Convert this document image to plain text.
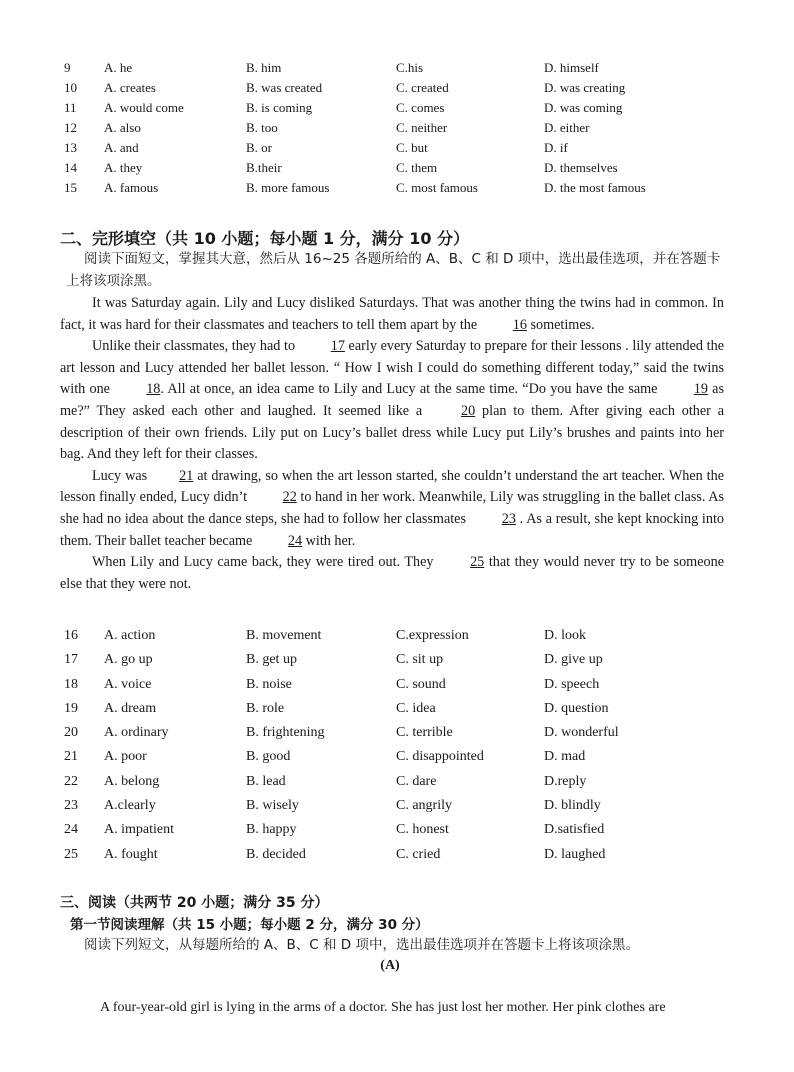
9	A. he	B. him	C.his	D. himself
10	A. creates	B. was created	C. created	D. was creating
11	A. would come	B. is coming	C. comes	D. was coming
12	A. also	B. too	C. neither	D. either
13	A. and	B. or	C. but	D. if
14	A. they	B.their	C. them	D. themselves
15	A. famous	B. more famous	C. most famous	D. the most famous
二、完形填空（共 10 小题；每小题 1 分，满分 10 分）
阅读下面短文，掌握其大意，然后从 16~25 各题所给的 A、B、C 和 D 项中，选出最佳选项，并在答题卡上将该项涂黑。

It was Saturday again. Lily and Lucy disliked Saturdays. That was another thing the twins had in common. In fact, it was hard for their classmates and teachers to tell them apart by the 16 sometimes.

Unlike their classmates, they had to 17 early every Saturday to prepare for their lessons . lily attended the art lesson and Lucy attended her ballet lesson. “ How I wish I could do something different today,” said the twins with one 18. All at once, an idea came to Lily and Lucy at the same time. “Do you have the same 19 as me?” They asked each other and laughed. It seemed like a 20 plan to them. After giving each other a description of their own friends. Lily put on Lucy’s ballet dress while Lucy put Lily’s brushes and paints into her bag. And they left for their classes.

Lucy was 21 at drawing, so when the art lesson started, she couldn’t understand the art teacher. When the lesson finally ended, Lucy didn’t 22 to hand in her work. Meanwhile, Lily was struggling in the ballet class. As she had no idea about the dance steps, she had to follow her classmates 23 . As a result, she kept knocking into them. Their ballet teacher became 24 with her.

When Lily and Lucy came back, they were tired out. They 25 that they would never try to be someone else that they were not.

16	A. action	B. movement	C.expression	D. look
17	A. go up	B. get up	C. sit up	D. give up
18	A. voice	B. noise	C. sound	D. speech
19	A. dream	B. role	C. idea	D. question
20	A. ordinary	B. frightening	C. terrible	D. wonderful
21	A. poor	B. good	C. disappointed	D. mad
22	A. belong	B. lead	C. dare	D.reply
23	A.clearly	B. wisely	C. angrily	D. blindly
24	A. impatient	B. happy	C. honest	D.satisfied
25	A. fought	B. decided	C. cried	D. laughed
三、阅读（共两节 20 小题；满分 35 分）
第一节阅读理解（共 15 小题；每小题 2 分，满分 30 分）
阅读下列短文，从每题所给的 A、B、C 和 D 项中，选出最佳选项并在答题卡上将该项涂黑。
(A)
A four-year-old girl is lying in the arms of a doctor. She has just lost her mother. Her pink clothes are
